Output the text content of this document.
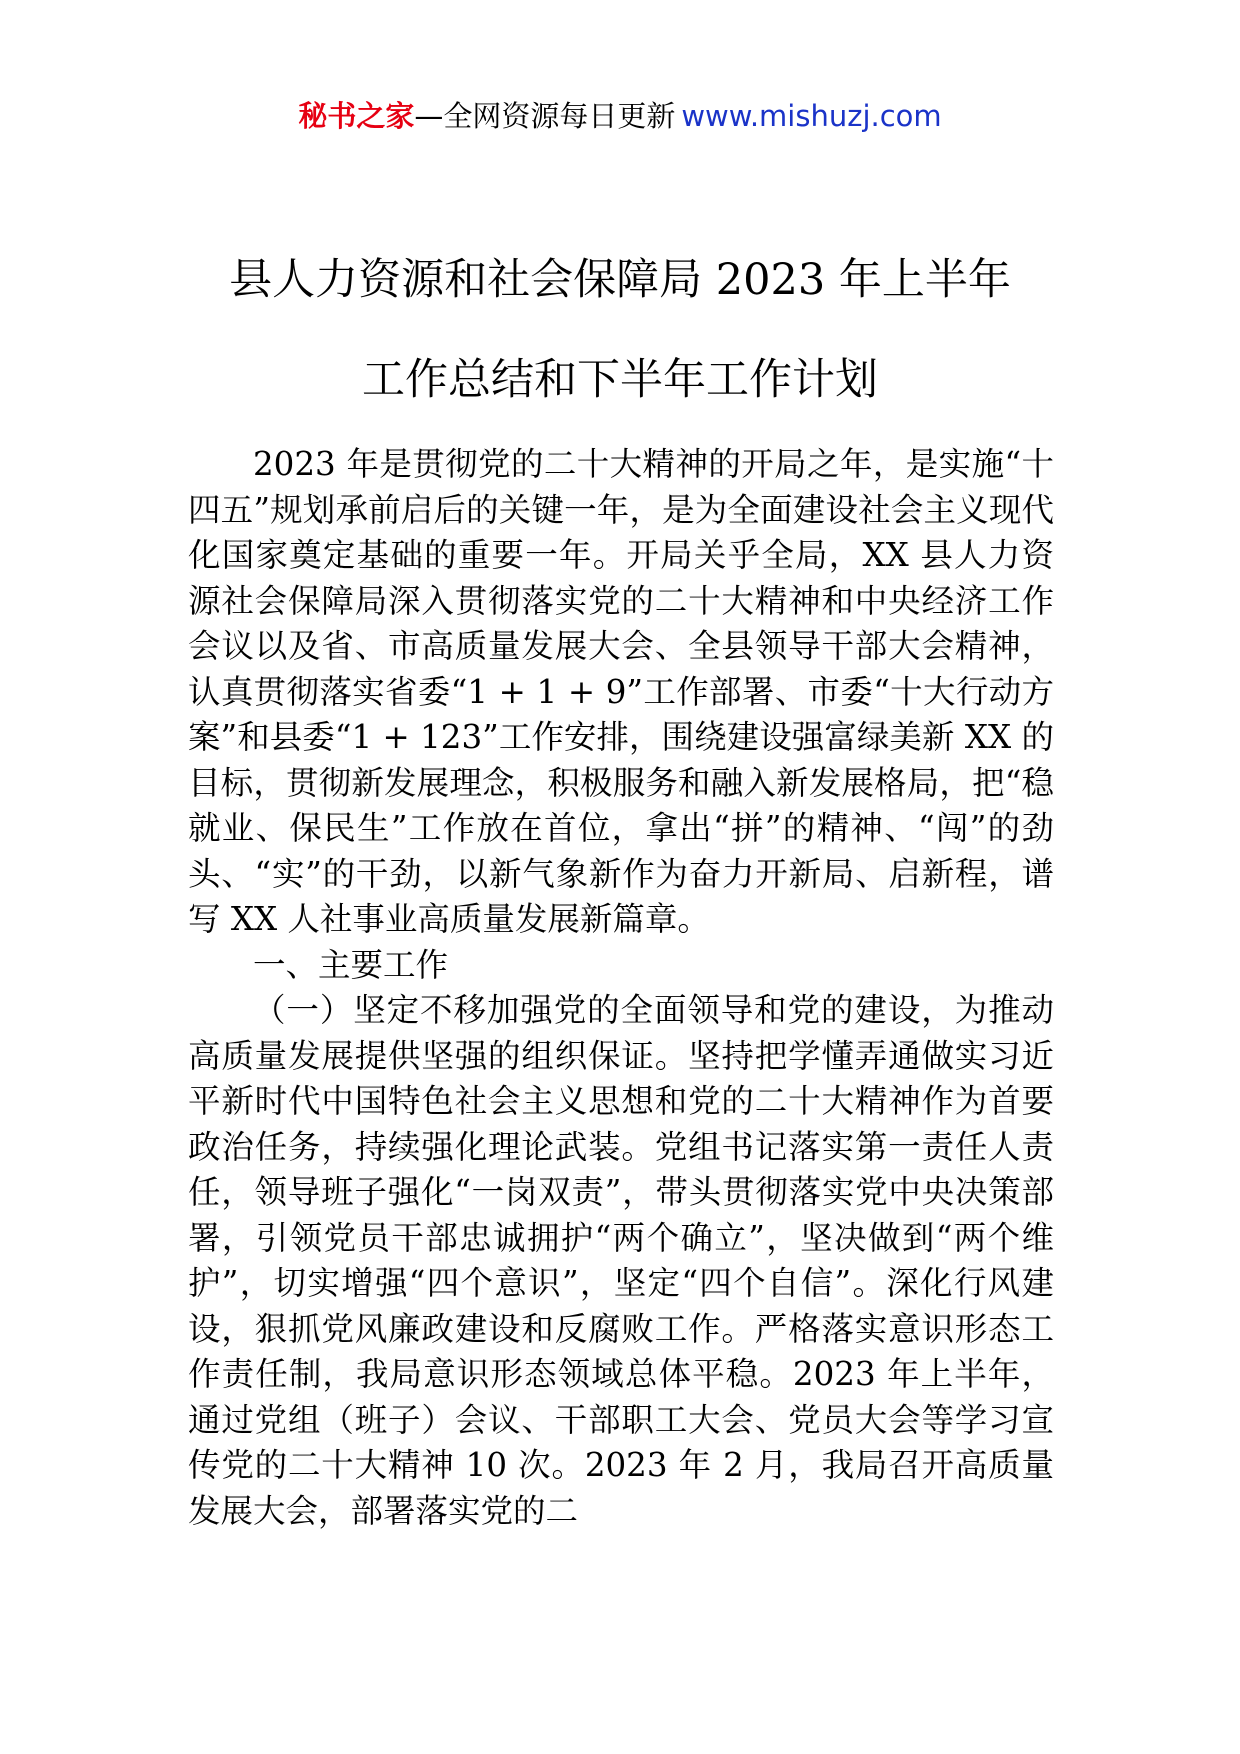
秘书之家—全网资源每日更新 www.mishuzj.com
县人力资源和社会保障局 2023 年上半年
工作总结和下半年工作计划

2023 年是贯彻党的二十大精神的开局之年，是实施“十四五”规划承前启后的关键一年，是为全面建设社会主义现代化国家奠定基础的重要一年。开局关乎全局，XX 县人力资源社会保障局深入贯彻落实党的二十大精神和中央经济工作会议以及省、市高质量发展大会、全县领导干部大会精神，认真贯彻落实省委“1 + 1 + 9”工作部署、市委“十大行动方案”和县委“1 + 123”工作安排，围绕建设强富绿美新 XX 的目标，贯彻新发展理念，积极服务和融入新发展格局，把“稳就业、保民生”工作放在首位，拿出“拼”的精神、“闯”的劲头、“实”的干劲，以新气象新作为奋力开新局、启新程，谱写 XX 人社事业高质量发展新篇章。

一、主要工作

（一）坚定不移加强党的全面领导和党的建设，为推动高质量发展提供坚强的组织保证。坚持把学懂弄通做实习近平新时代中国特色社会主义思想和党的二十大精神作为首要政治任务，持续强化理论武装。党组书记落实第一责任人责任，领导班子强化“一岗双责”，带头贯彻落实党中央决策部署，引领党员干部忠诚拥护“两个确立”，坚决做到“两个维护”，切实增强“四个意识”，坚定“四个自信”。深化行风建设，狠抓党风廉政建设和反腐败工作。严格落实意识形态工作责任制，我局意识形态领域总体平稳。2023 年上半年，通过党组（班子）会议、干部职工大会、党员大会等学习宣传党的二十大精神 10 次。2023 年 2 月，我局召开高质量发展大会，部署落实党的二
